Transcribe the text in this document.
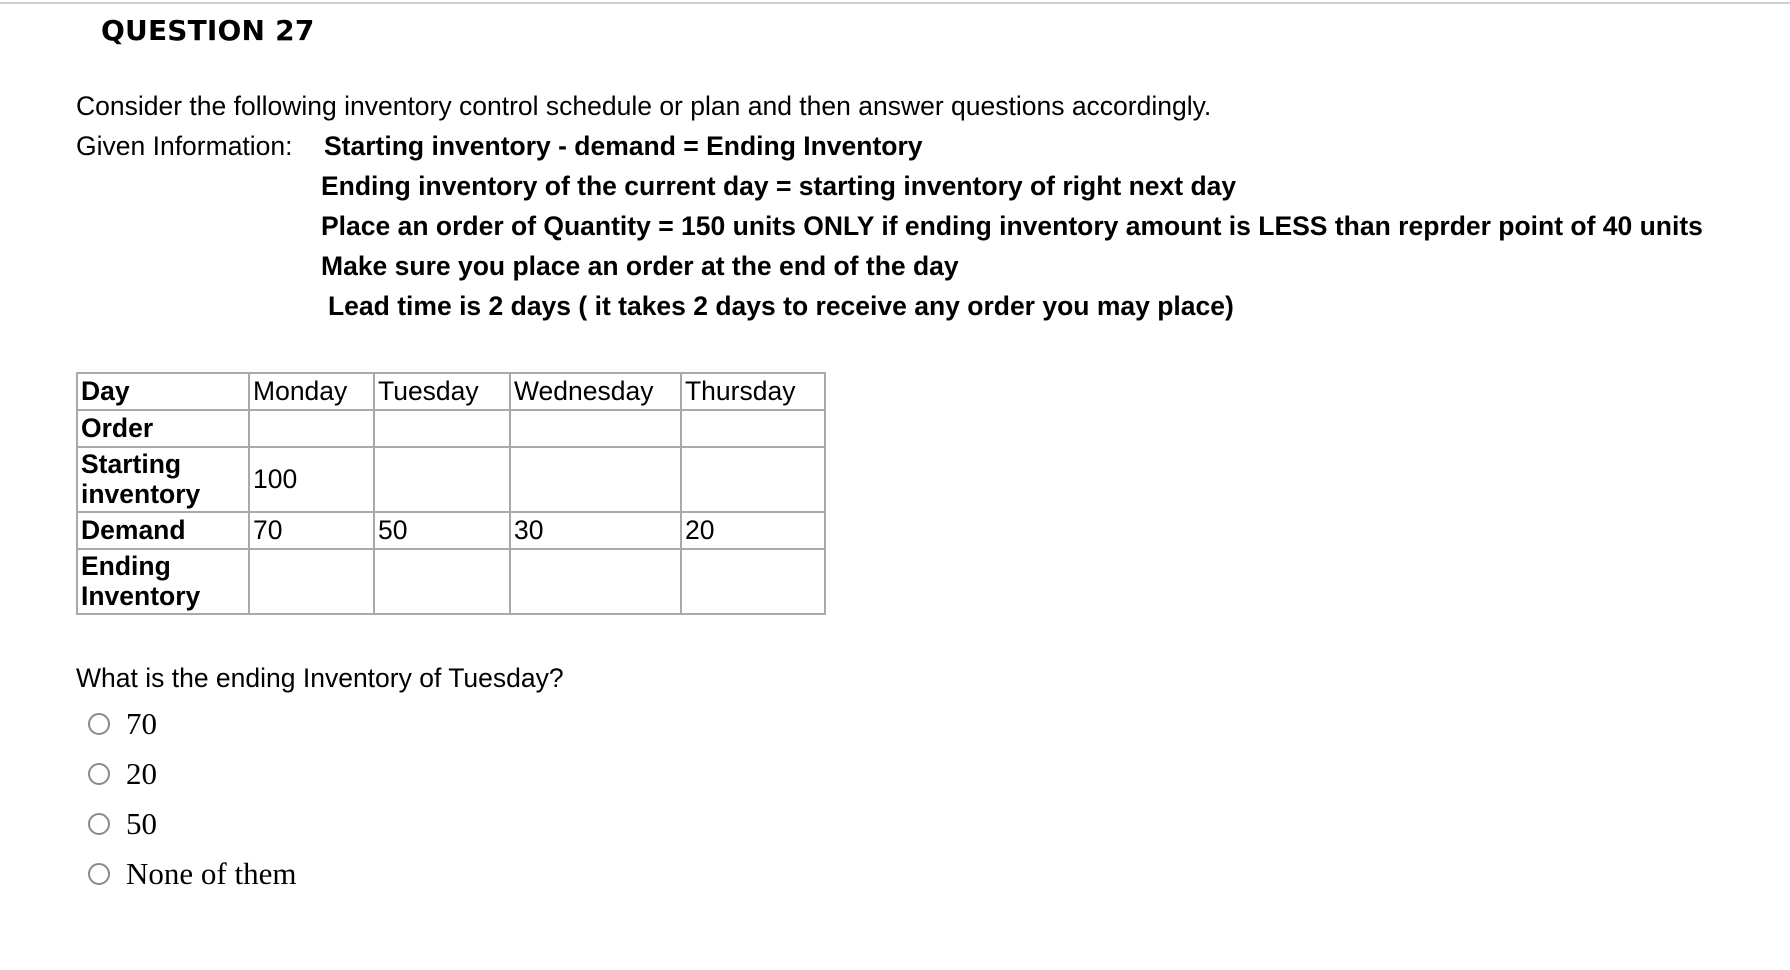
QUESTION 27
Consider the following inventory control schedule or plan and then answer questions accordingly.
Given Information: Starting inventory - demand = Ending Inventory
Ending inventory of the current day = starting inventory of right next day
Place an order of Quantity = 150 units ONLY if ending inventory amount is LESS than reprder point of 40 units
Make sure you place an order at the end of the day
Lead time is 2 days ( it takes 2 days to receive any order you may place)
Day	Monday	Tuesday	Wednesday	Thursday
Order				
Starting inventory	100			
Demand	70	50	30	20
Ending Inventory				
What is the ending Inventory of Tuesday?
70
20
50
None of them
